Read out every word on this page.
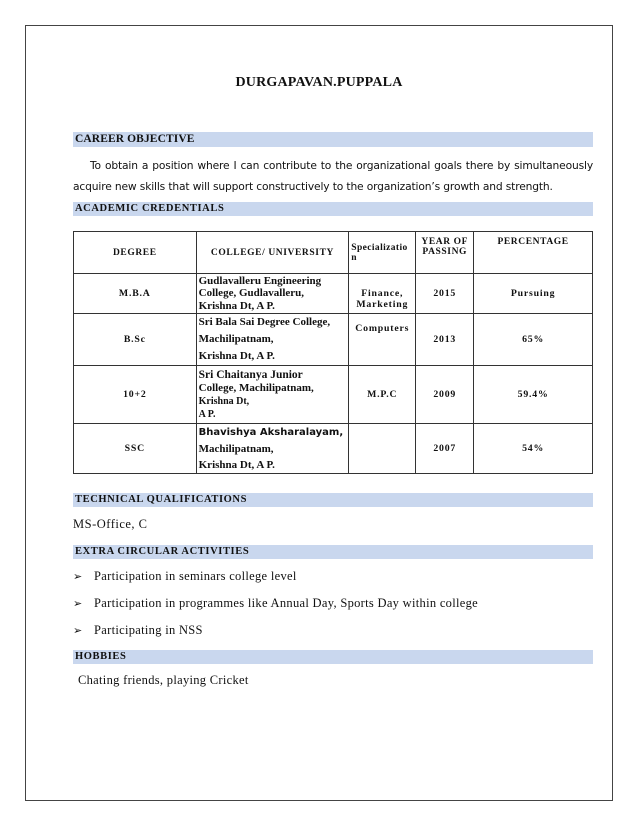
DURGAPAVAN.PUPPALA
CAREER OBJECTIVE
To obtain a position where I can contribute to the organizational goals there by simultaneously acquire new skills that will support constructively to the organization’s growth and strength.
ACADEMIC CREDENTIALS
DEGREE	COLLEGE/ UNIVERSITY	Specialization	YEAR OF PASSING	PERCENTAGE
M.B.A	Gudlavalleru Engineering
College, Gudlavalleru,
Krishna Dt, A P.	Finance, Marketing	2015	Pursuing
B.Sc	Sri Bala Sai Degree College,
Machilipatnam,
Krishna Dt, A P.	Computers	2013	65%
10+2	Sri Chaitanya Junior
College, Machilipatnam,
Krishna Dt,
A P.	M.P.C	2009	59.4%
SSC	Bhavishya Aksharalayam,
Machilipatnam,
Krishna Dt, A P.		2007	54%
TECHNICAL QUALIFICATIONS
MS-Office, C
EXTRA CIRCULAR ACTIVITIES
➢ Participation in seminars college level
➢ Participation in programmes like Annual Day, Sports Day within college
➢ Participating in NSS
HOBBIES
Chating friends, playing Cricket
